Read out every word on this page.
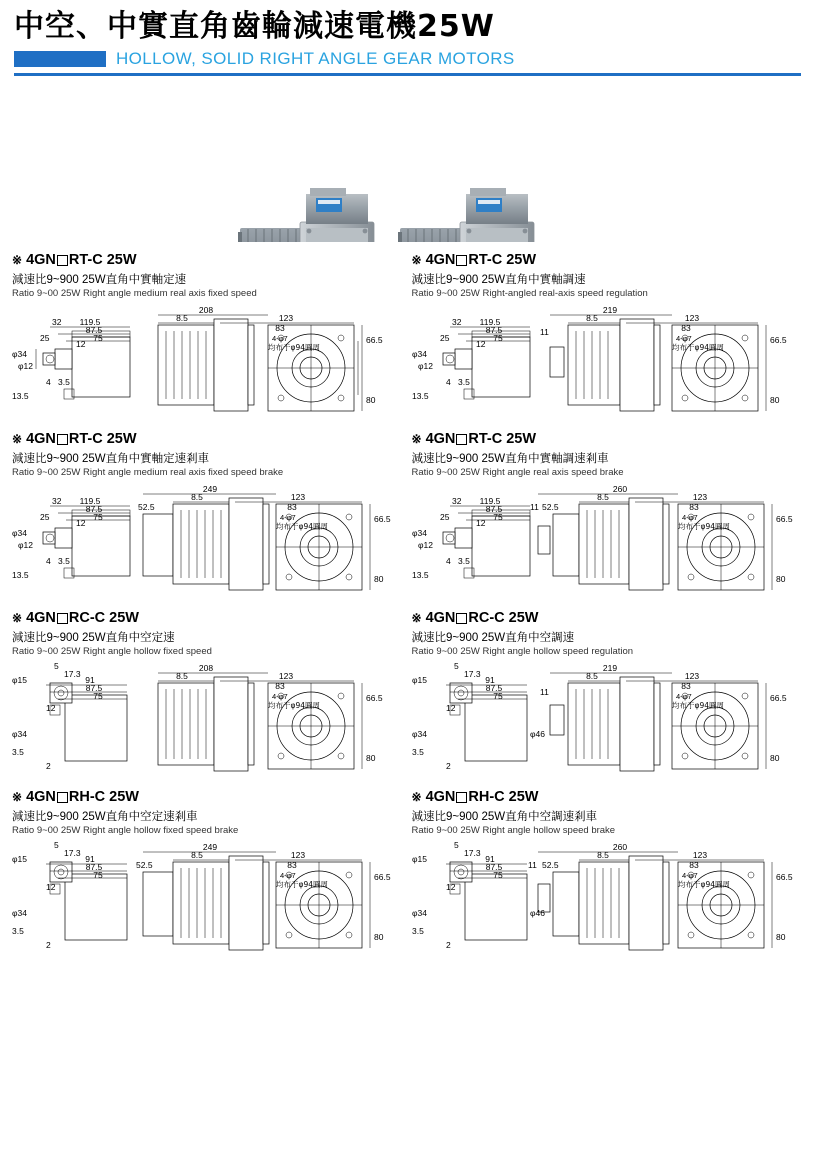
中空、中實直角齒輪減速電機25W
HOLLOW, SOLID RIGHT ANGLE GEAR MOTORS
※ 4GN RT-C 25W
減速比9~900 25W直角中實軸定速
Ratio 9~00 25W Right angle medium real axis fixed speed
208
8.5	123
83
4-φ7
均布于φ94圓周
66.5
80
119.5
87.5
75
32
25
12
φ34
φ12
4 3.5
13.5
※ 4GN RT-C 25W
減速比9~900 25W直角中實軸調速
Ratio 9~00 25W Right-angled real-axis speed regulation
219
8.5	123
83
4-φ7
均布于φ94圓周
66.5
80
119.5
87.5
75
32
25
12
11
φ34
φ12
4 3.5
13.5
※ 4GN RT-C 25W
減速比9~900 25W直角中實軸定速剎車
Ratio 9~00 25W Right angle medium real axis fixed speed brake
249
8.5	123
83
4-φ7
均布于φ94圓周
66.5
80
119.5
87.5
75
32
25
12
52.5
φ34
φ12
4 3.5
13.5
※ 4GN RT-C 25W
減速比9~900 25W直角中實軸調速剎車
Ratio 9~00 25W Right angle real axis speed brake
260
8.5	123
83
4-φ7
均布于φ94圓周
66.5
80
119.5
87.5
75
32
25
12
11 52.5
φ34
φ12
4 3.5
13.5
※ 4GN RC-C 25W
減速比9~900 25W直角中空定速
Ratio 9~00 25W Right angle hollow fixed speed
208
8.5	123
83
4-φ7
均布于φ94圓周
66.5
80
5
17.3
φ15	91
87.5
75
12
φ34
3.5
2
※ 4GN RC-C 25W
減速比9~900 25W直角中空調速
Ratio 9~00 25W Right angle hollow speed regulation
219
8.5	123
83
4-φ7
均布于φ94圓周
66.5
80
5
17.3
φ15	91
87.5
75
12
11
φ34	φ46
3.5
2
※ 4GN RH-C 25W
減速比9~900 25W直角中空定速剎車
Ratio 9~00 25W Right angle hollow fixed speed brake
249
8.5	123
83
4-φ7
均布于φ94圓周
66.5
80
5
17.3
φ15	91
87.5
75
12
52.5
φ34
3.5
2
※ 4GN RH-C 25W
減速比9~900 25W直角中空調速剎車
Ratio 9~00 25W Right angle hollow speed brake
260
8.5	123
83
4-φ7
均布于φ94圓周
66.5
80
5
17.3
φ15	91
87.5
75
12
11 52.5
φ34	φ46
3.5
2
